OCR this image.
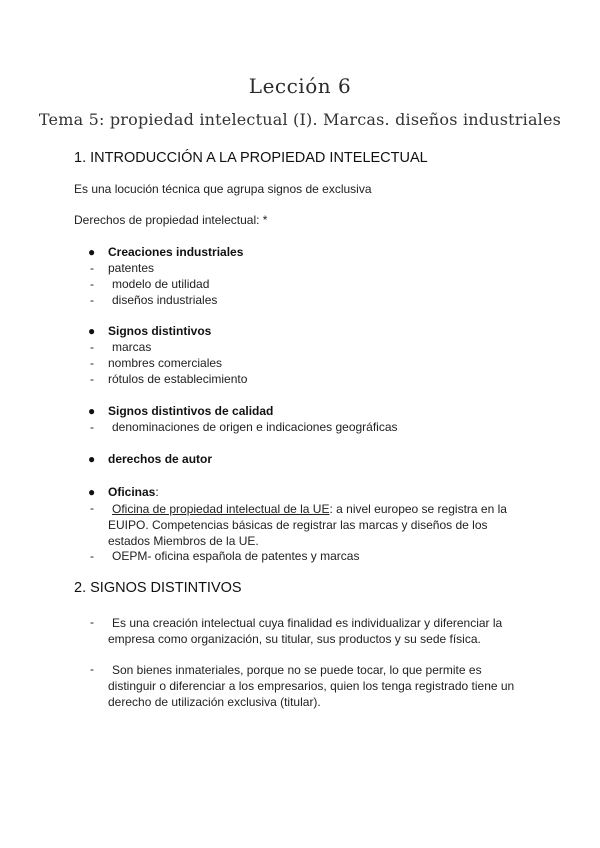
Lección 6
Tema 5: propiedad intelectual (I). Marcas. diseños industriales
1. INTRODUCCIÓN A LA PROPIEDAD INTELECTUAL
Es una locución técnica que agrupa signos de exclusiva
Derechos de propiedad intelectual: *
● Creaciones industriales
- patentes
- modelo de utilidad
- diseños industriales
● Signos distintivos
- marcas
- nombres comerciales
- rótulos de establecimiento
● Signos distintivos de calidad
- denominaciones de origen e indicaciones geográficas
● derechos de autor
● Oficinas:
- Oficina de propiedad intelectual de la UE: a nivel europeo se registra en la
EUIPO. Competencias básicas de registrar las marcas y diseños de los
estados Miembros de la UE.
- OEPM- oficina española de patentes y marcas
2. SIGNOS DISTINTIVOS
- Es una creación intelectual cuya finalidad es individualizar y diferenciar la
empresa como organización, su titular, sus productos y su sede física.
- Son bienes inmateriales, porque no se puede tocar, lo que permite es
distinguir o diferenciar a los empresarios, quien los tenga registrado tiene un
derecho de utilización exclusiva (titular).
